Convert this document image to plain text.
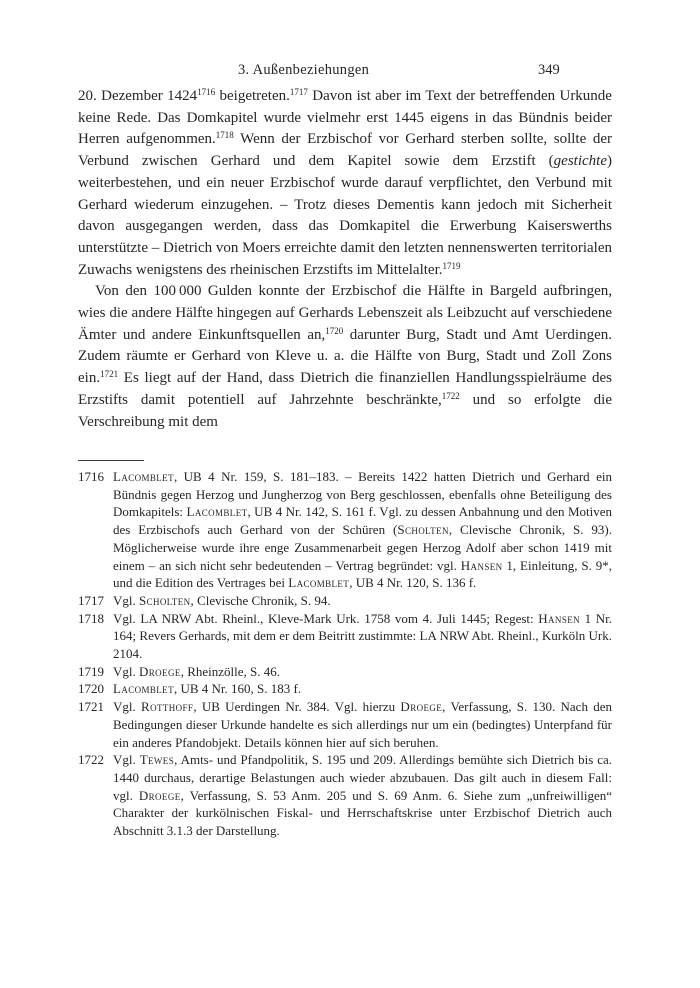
3. Außenbeziehungen	349

20. Dezember 1424$^{1716}$ beigetreten.$^{1717}$ Davon ist aber im Text der betreffenden Urkunde keine Rede. Das Domkapitel wurde vielmehr erst 1445 eigens in das Bündnis beider Herren aufgenommen.$^{1718}$ Wenn der Erzbischof vor Gerhard sterben sollte, sollte der Verbund zwischen Gerhard und dem Kapitel sowie dem Erzstift (gestichte) weiterbestehen, und ein neuer Erzbischof wurde darauf verpflichtet, den Verbund mit Gerhard wiederum einzugehen. – Trotz dieses Dementis kann jedoch mit Sicherheit davon ausgegangen werden, dass das Domkapitel die Erwerbung Kaiserswerths unterstützte – Dietrich von Moers erreichte damit den letzten nennenswerten territorialen Zuwachs wenigstens des rheinischen Erzstifts im Mittelalter.$^{1719}$

Von den 100 000 Gulden konnte der Erzbischof die Hälfte in Bargeld aufbringen, wies die andere Hälfte hingegen auf Gerhards Lebenszeit als Leibzucht auf verschiedene Ämter und andere Einkunftsquellen an,$^{1720}$ darunter Burg, Stadt und Amt Uerdingen. Zudem räumte er Gerhard von Kleve u. a. die Hälfte von Burg, Stadt und Zoll Zons ein.$^{1721}$ Es liegt auf der Hand, dass Dietrich die finanziellen Handlungsspielräume des Erzstifts damit potentiell auf Jahrzehnte beschränkte,$^{1722}$ und so erfolgte die Verschreibung mit dem

1716 Lacomblet, UB 4 Nr. 159, S. 181–183. – Bereits 1422 hatten Dietrich und Gerhard ein Bündnis gegen Herzog und Jungherzog von Berg geschlossen, ebenfalls ohne Beteiligung des Domkapitels: Lacomblet, UB 4 Nr. 142, S. 161 f. Vgl. zu dessen Anbahnung und den Motiven des Erzbischofs auch Gerhard von der Schüren (Scholten, Clevische Chronik, S. 93). Möglicherweise wurde ihre enge Zusammenarbeit gegen Herzog Adolf aber schon 1419 mit einem – an sich nicht sehr bedeutenden – Vertrag begründet: vgl. Hansen 1, Einleitung, S. 9*, und die Edition des Vertrages bei Lacomblet, UB 4 Nr. 120, S. 136 f.
1717 Vgl. Scholten, Clevische Chronik, S. 94.
1718 Vgl. LA NRW Abt. Rheinl., Kleve-Mark Urk. 1758 vom 4. Juli 1445; Regest: Hansen 1 Nr. 164; Revers Gerhards, mit dem er dem Beitritt zustimmte: LA NRW Abt. Rheinl., Kurköln Urk. 2104.
1719 Vgl. Droege, Rheinzölle, S. 46.
1720 Lacomblet, UB 4 Nr. 160, S. 183 f.
1721 Vgl. Rotthoff, UB Uerdingen Nr. 384. Vgl. hierzu Droege, Verfassung, S. 130. Nach den Bedingungen dieser Urkunde handelte es sich allerdings nur um ein (bedingtes) Unterpfand für ein anderes Pfandobjekt. Details können hier auf sich beruhen.
1722 Vgl. Tewes, Amts- und Pfandpolitik, S. 195 und 209. Allerdings bemühte sich Dietrich bis ca. 1440 durchaus, derartige Belastungen auch wieder abzubauen. Das gilt auch in diesem Fall: vgl. Droege, Verfassung, S. 53 Anm. 205 und S. 69 Anm. 6. Siehe zum „unfreiwilligen“ Charakter der kurkölnischen Fiskal- und Herrschaftskrise unter Erzbischof Dietrich auch Abschnitt 3.1.3 der Darstellung.
